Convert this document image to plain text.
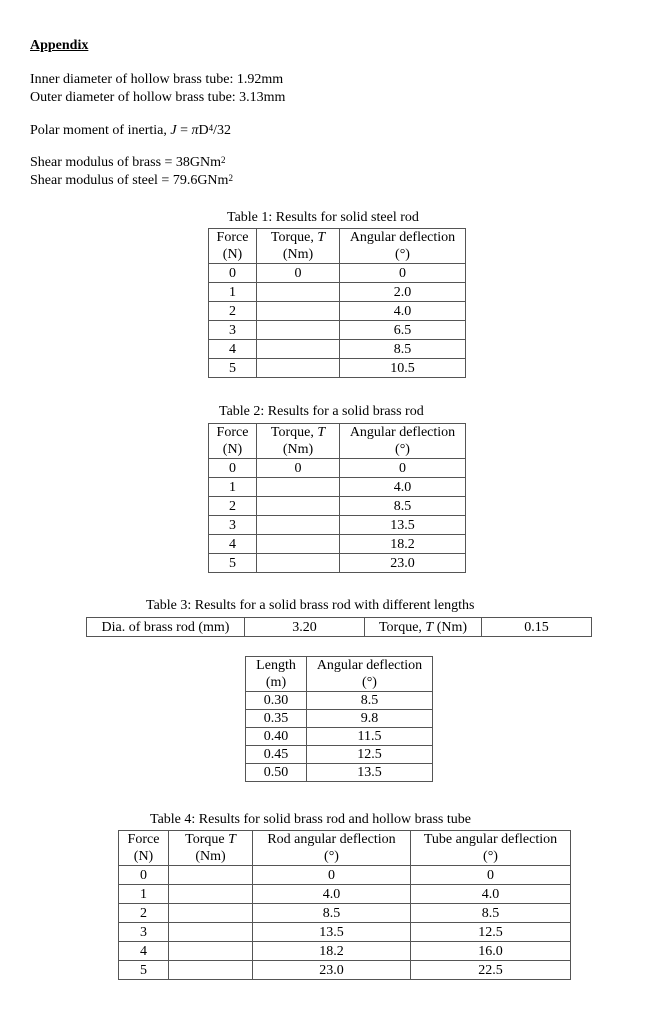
Appendix
Inner diameter of hollow brass tube: 1.92mm
Outer diameter of hollow brass tube: 3.13mm
Polar moment of inertia, $J = \pi D^4/32$
Shear modulus of brass = 38GNm$^2$
Shear modulus of steel = 79.6GNm$^2$
Table 1: Results for solid steel rod
Force	Torque, T	Angular deflection
(N)	(Nm)	(°)
0	0	0
1		2.0
2		4.0
3		6.5
4		8.5
5		10.5
Table 2: Results for a solid brass rod
Force	Torque, T	Angular deflection
(N)	(Nm)	(°)
0	0	0
1		4.0
2		8.5
3		13.5
4		18.2
5		23.0
Table 3: Results for a solid brass rod with different lengths
Dia. of brass rod (mm)	3.20	Torque, T (Nm)	0.15
Length	Angular deflection
(m)	(°)
0.30	8.5
0.35	9.8
0.40	11.5
0.45	12.5
0.50	13.5
Table 4: Results for solid brass rod and hollow brass tube
Force	Torque T	Rod angular deflection	Tube angular deflection
(N)	(Nm)	(°)	(°)
0		0	0
1		4.0	4.0
2		8.5	8.5
3		13.5	12.5
4		18.2	16.0
5		23.0	22.5
